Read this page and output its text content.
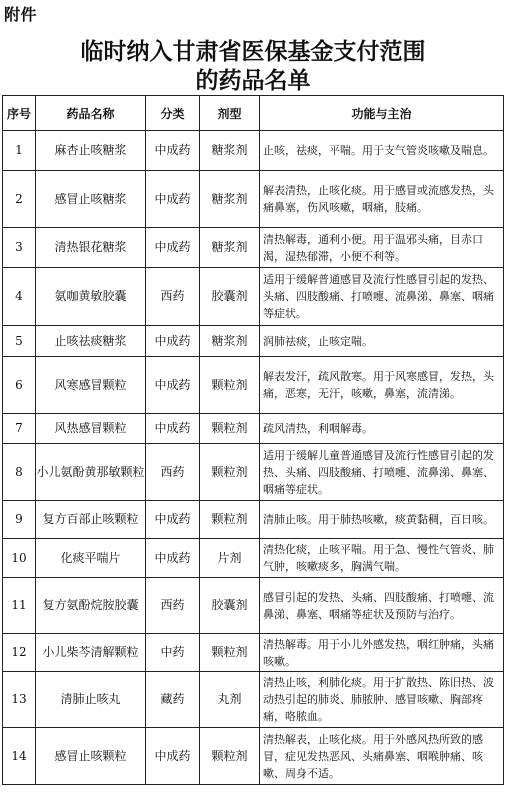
附件
临时纳入甘肃省医保基金支付范围
的药品名单
序号	药品名称	分类	剂型	功能与主治
1	麻杏止咳糖浆	中成药	糖浆剂	止咳，祛痰，平喘。用于支气管炎咳嗽及喘息。
2	感冒止咳糖浆	中成药	糖浆剂	解表清热，止咳化痰。用于感冒或流感发热，头痛鼻塞，伤风咳嗽，咽痛，肢痛。
3	清热银花糖浆	中成药	糖浆剂	清热解毒，通利小便。用于温邪头痛，目赤口渴，湿热郁滞，小便不利等。
4	氨咖黄敏胶囊	西药	胶囊剂	适用于缓解普通感冒及流行性感冒引起的发热、头痛、四肢酸痛、打喷嚏、流鼻涕、鼻塞、咽痛等症状。
5	止咳祛痰糖浆	中成药	糖浆剂	润肺祛痰，止咳定喘。
6	风寒感冒颗粒	中成药	颗粒剂	解表发汗，疏风散寒。用于风寒感冒，发热，头痛，恶寒，无汗，咳嗽，鼻塞，流清涕。
7	风热感冒颗粒	中成药	颗粒剂	疏风清热，利咽解毒。
8	小儿氨酚黄那敏颗粒	西药	颗粒剂	适用于缓解儿童普通感冒及流行性感冒引起的发热、头痛、四肢酸痛、打喷嚏、流鼻涕、鼻塞、咽痛等症状。
9	复方百部止咳颗粒	中成药	颗粒剂	清肺止咳。用于肺热咳嗽，痰黄黏稠，百日咳。
10	化痰平喘片	中成药	片剂	清热化痰，止咳平喘。用于急、慢性气管炎、肺气肿，咳嗽痰多，胸满气喘。
11	复方氨酚烷胺胶囊	西药	胶囊剂	感冒引起的发热、头痛、四肢酸痛、打喷嚏、流鼻涕、鼻塞、咽痛等症状及预防与治疗。
12	小儿柴芩清解颗粒	中药	颗粒剂	清热解毒。用于小儿外感发热，咽红肿痛，头痛咳嗽。
13	清肺止咳丸	藏药	丸剂	清热止咳，利肺化痰。用于扩散热、陈旧热、波动热引起的肺炎、肺脓肿、感冒咳嗽、胸部疼痛，咯脓血。
14	感冒止咳颗粒	中成药	颗粒剂	清热解表，止咳化痰。用于外感风热所致的感冒，症见发热恶风、头痛鼻塞、咽喉肿痛、咳嗽、周身不适。
